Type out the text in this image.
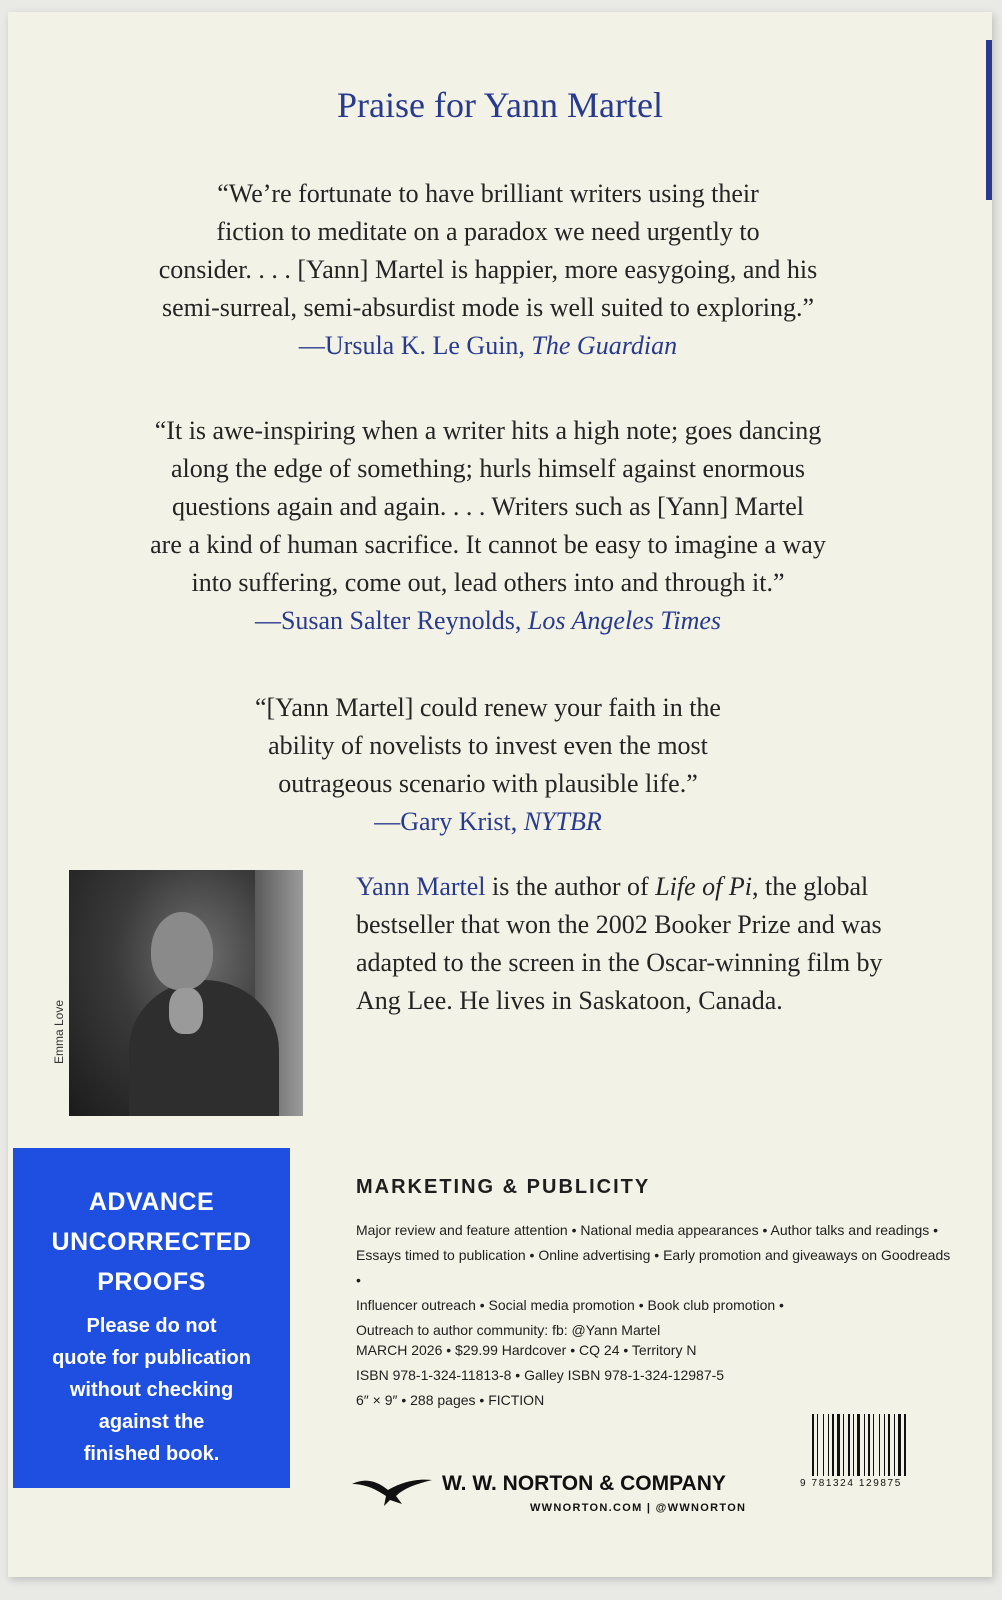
Praise for Yann Martel
“We’re fortunate to have brilliant writers using their
fiction to meditate on a paradox we need urgently to
consider. . . . [Yann] Martel is happier, more easygoing, and his
semi-surreal, semi-absurdist mode is well suited to exploring.”
—Ursula K. Le Guin, The Guardian
“It is awe-inspiring when a writer hits a high note; goes dancing
along the edge of something; hurls himself against enormous
questions again and again. . . . Writers such as [Yann] Martel
are a kind of human sacrifice. It cannot be easy to imagine a way
into suffering, come out, lead others into and through it.”
—Susan Salter Reynolds, Los Angeles Times
“[Yann Martel] could renew your faith in the
ability of novelists to invest even the most
outrageous scenario with plausible life.”
—Gary Krist, NYTBR
Emma Love
Yann Martel is the author of Life of Pi, the global bestseller that won the 2002 Booker Prize and was adapted to the screen in the Oscar-winning film by Ang Lee. He lives in Saskatoon, Canada.
ADVANCE
UNCORRECTED
PROOFS
Please do not
quote for publication
without checking
against the
finished book.
MARKETING & PUBLICITY
Major review and feature attention • National media appearances • Author talks and readings •
Essays timed to publication • Online advertising • Early promotion and giveaways on Goodreads •
Influencer outreach • Social media promotion • Book club promotion •
Outreach to author community: fb: @Yann Martel
MARCH 2026 • $29.99 Hardcover • CQ 24 • Territory N
ISBN 978-1-324-11813-8 • Galley ISBN 978-1-324-12987-5
6″ × 9″ • 288 pages • FICTION
W. W. NORTON & COMPANY
WWNORTON.COM | @WWNORTON
9 781324 129875
